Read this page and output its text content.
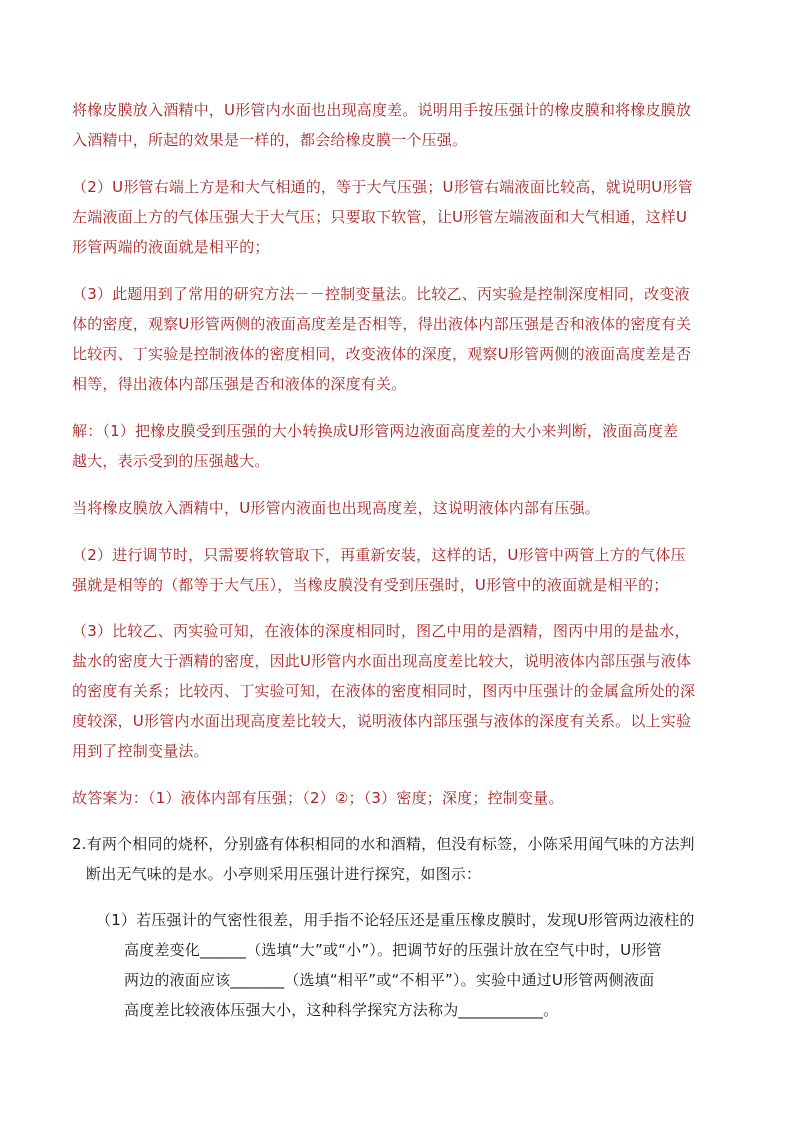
将橡皮膜放入酒精中，U形管内水面也出现高度差。说明用手按压强计的橡皮膜和将橡皮膜放
入酒精中，所起的效果是一样的，都会给橡皮膜一个压强。
（2）U形管右端上方是和大气相通的，等于大气压强；U形管右端液面比较高，就说明U形管
左端液面上方的气体压强大于大气压；只要取下软管，让U形管左端液面和大气相通，这样U
形管两端的液面就是相平的；
（3）此题用到了常用的研究方法－－控制变量法。比较乙、丙实验是控制深度相同，改变液
体的密度，观察U形管两侧的液面高度差是否相等，得出液体内部压强是否和液体的密度有关
比较丙、丁实验是控制液体的密度相同，改变液体的深度，观察U形管两侧的液面高度差是否
相等，得出液体内部压强是否和液体的深度有关。
解：（1）把橡皮膜受到压强的大小转换成U形管两边液面高度差的大小来判断，液面高度差
越大，表示受到的压强越大。
当将橡皮膜放入酒精中，U形管内液面也出现高度差，这说明液体内部有压强。
（2）进行调节时，只需要将软管取下，再重新安装，这样的话，U形管中两管上方的气体压
强就是相等的（都等于大气压），当橡皮膜没有受到压强时，U形管中的液面就是相平的；
（3）比较乙、丙实验可知，在液体的深度相同时，图乙中用的是酒精，图丙中用的是盐水，
盐水的密度大于酒精的密度，因此U形管内水面出现高度差比较大，说明液体内部压强与液体
的密度有关系；比较丙、丁实验可知，在液体的密度相同时，图丙中压强计的金属盒所处的深
度较深，U形管内水面出现高度差比较大，说明液体内部压强与液体的深度有关系。以上实验
用到了控制变量法。
故答案为：（1）液体内部有压强；（2）②；（3）密度；深度；控制变量。
2.有两个相同的烧杯，分别盛有体积相同的水和酒精，但没有标签，小陈采用闻气味的方法判
断出无气味的是水。小亭则采用压强计进行探究，如图示：
（1）若压强计的气密性很差，用手指不论轻压还是重压橡皮膜时，发现U形管两边液柱的
高度差变化______（选填“大”或“小”）。把调节好的压强计放在空气中时，U形管
两边的液面应该_______（选填“相平”或“不相平”）。实验中通过U形管两侧液面
高度差比较液体压强大小，这种科学探究方法称为___________。
